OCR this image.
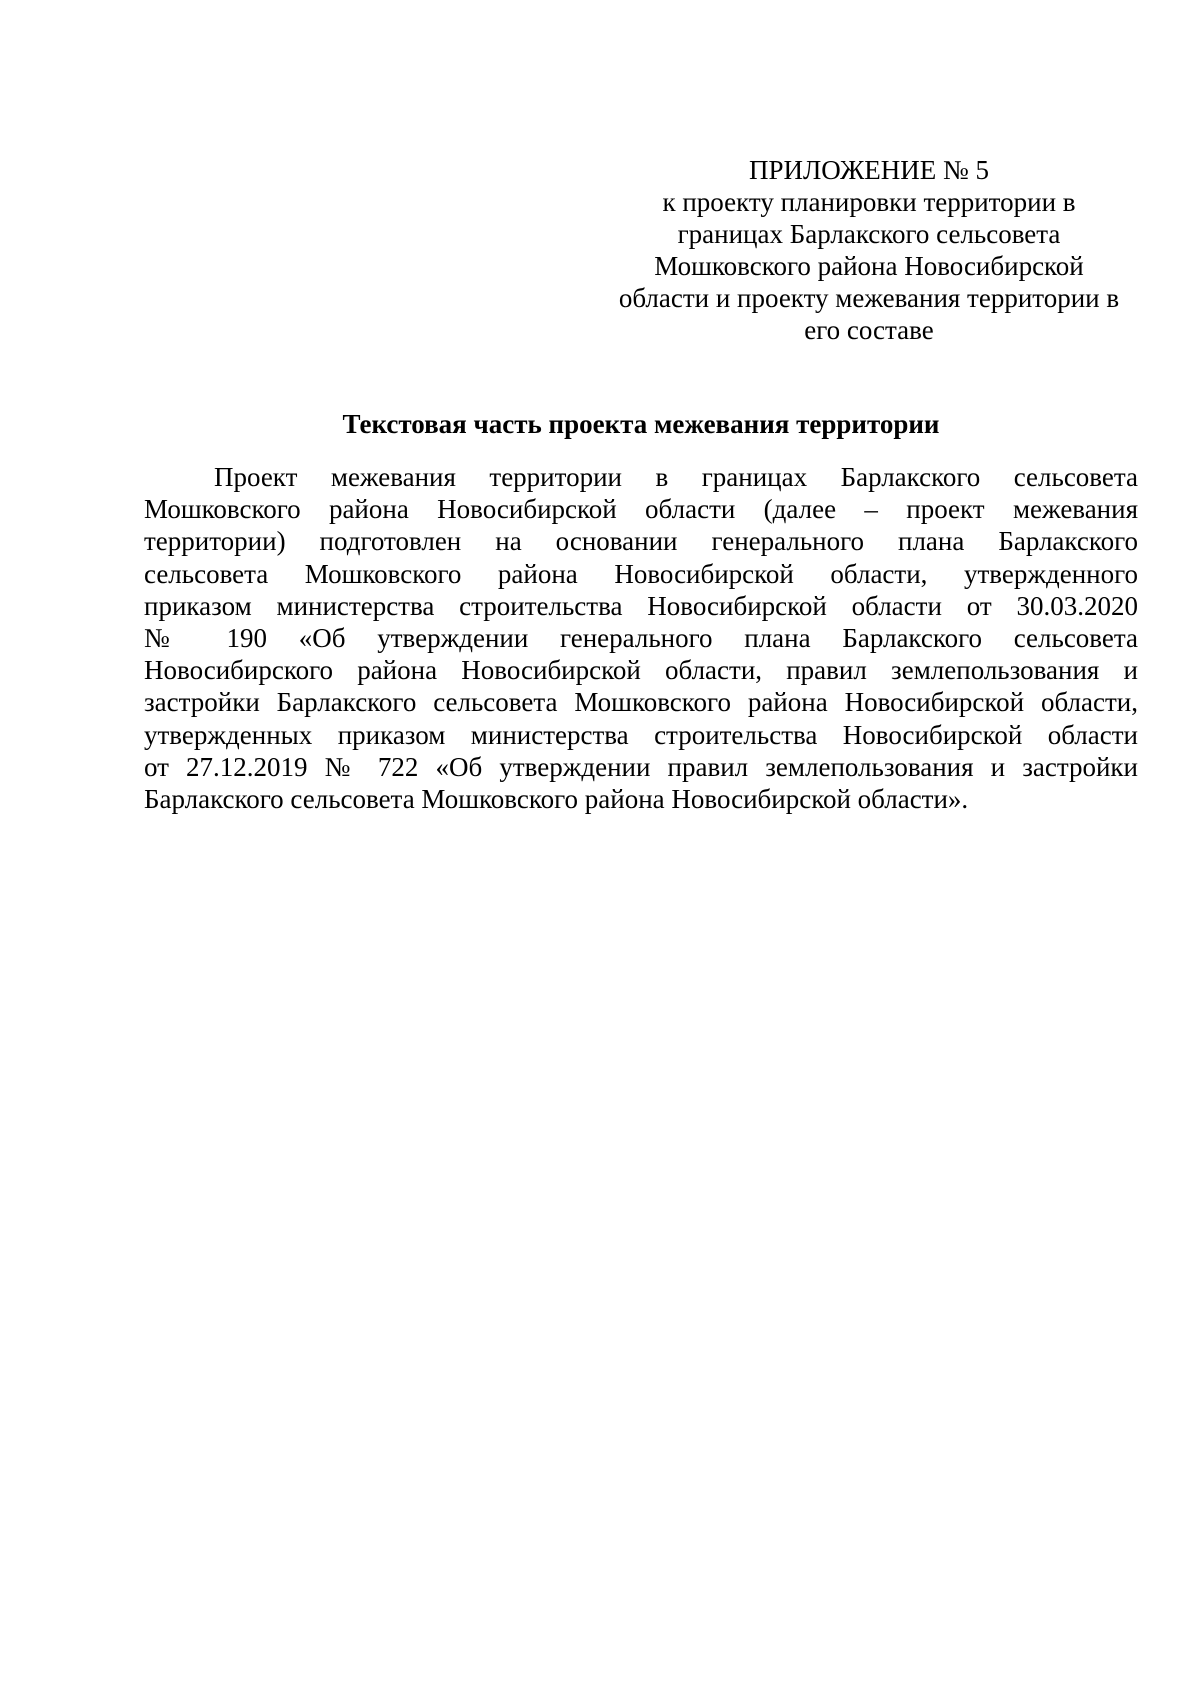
ПРИЛОЖЕНИЕ № 5
к проекту планировки территории в
границах Барлакского сельсовета
Мошковского района Новосибирской
области и проекту межевания территории в
его составе
Текстовая часть проекта межевания территории
Проект межевания территории в границах Барлакского сельсовета
Мошковского района Новосибирской области (далее – проект межевания
территории) подготовлен на основании генерального плана Барлакского
сельсовета Мошковского района Новосибирской области, утвержденного
приказом министерства строительства Новосибирской области от 30.03.2020
№ 190 «Об утверждении генерального плана Барлакского сельсовета
Новосибирского района Новосибирской области, правил землепользования и
застройки Барлакского сельсовета Мошковского района Новосибирской области,
утвержденных приказом министерства строительства Новосибирской области
от 27.12.2019 № 722 «Об утверждении правил землепользования и застройки
Барлакского сельсовета Мошковского района Новосибирской области».
